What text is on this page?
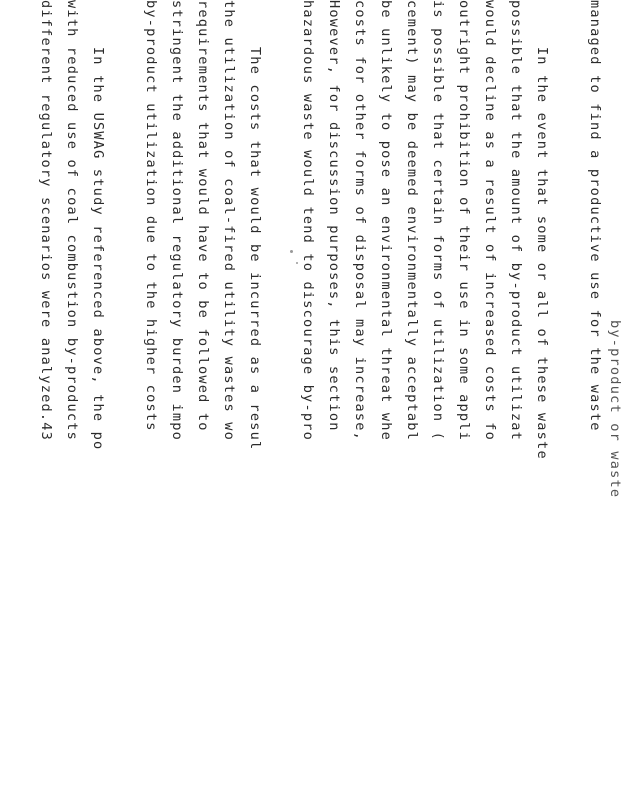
by-product or waste

managed to find a productive use for the waste

In the event that some or all of these waste

possible that the amount of by-product utilizat

would decline as a result of increased costs fo

outright prohibition of their use in some appli

is possible that certain forms of utilization (

cement) may be deemed environmentally acceptabl

be unlikely to pose an environmental threat whe

costs for other forms of disposal may increase,

However, for discussion purposes, this section

hazardous waste would tend to discourage by-pro

The costs that would be incurred as a resul

the utilization of coal-fired utility wastes wo

requirements that would have to be followed to

stringent the additional regulatory burden impo

by-product utilization due to the higher costs

In the USWAG study referenced above, the po

with reduced use of coal combustion by-products

different regulatory scenarios were analyzed.43
